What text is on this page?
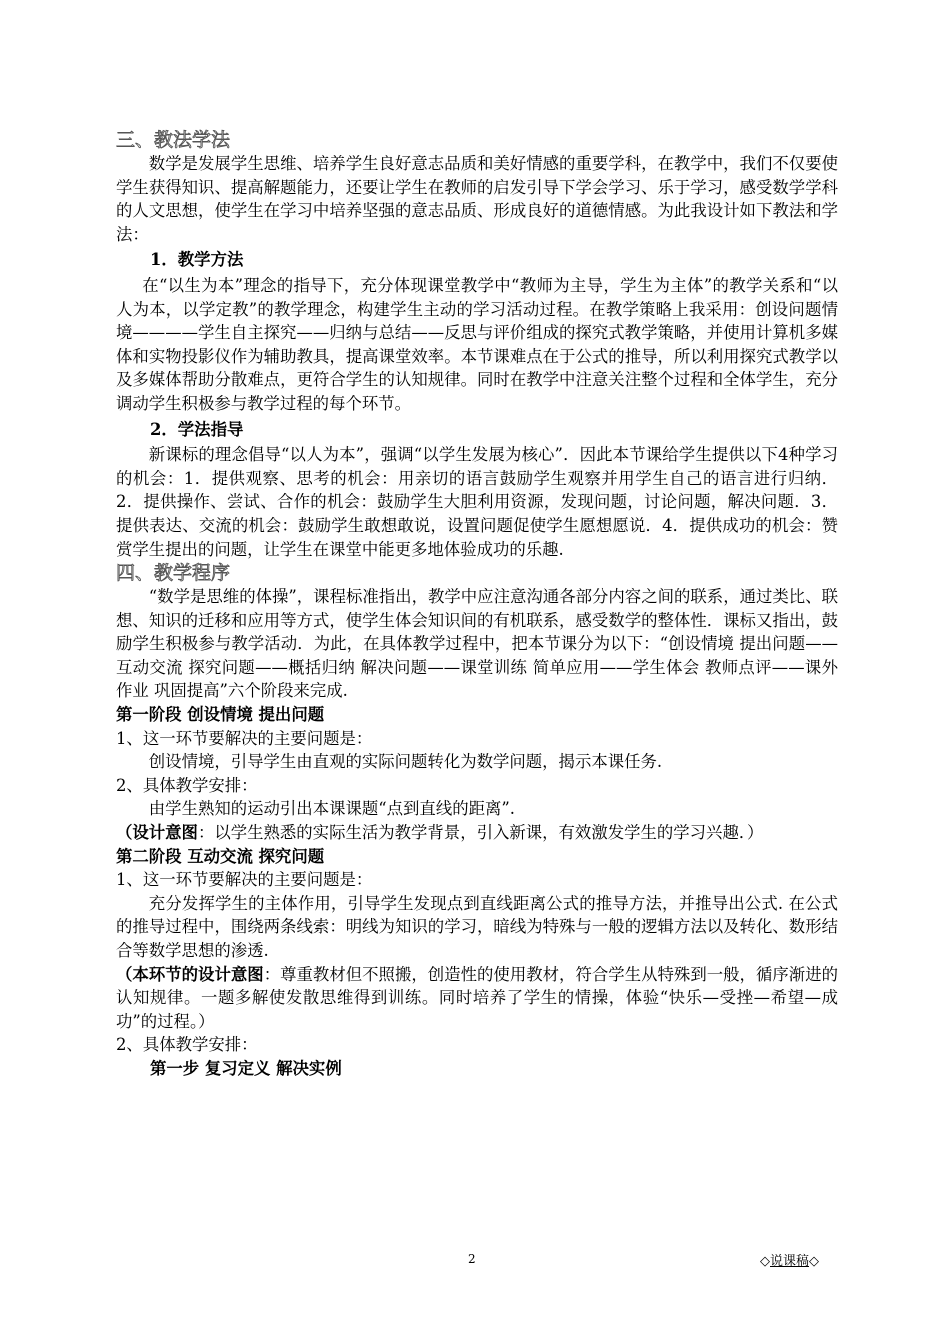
三、教法学法

数学是发展学生思维、培养学生良好意志品质和美好情感的重要学科，在教学中，我们不仅要使学生获得知识、提高解题能力，还要让学生在教师的启发引导下学会学习、乐于学习，感受数学学科的人文思想，使学生在学习中培养坚强的意志品质、形成良好的道德情感。为此我设计如下教法和学法：

1．教学方法

在“以生为本”理念的指导下，充分体现课堂教学中“教师为主导，学生为主体”的教学关系和“以人为本，以学定教”的教学理念，构建学生主动的学习活动过程。在教学策略上我采用：创设问题情境————学生自主探究——归纳与总结——反思与评价组成的探究式教学策略，并使用计算机多媒体和实物投影仪作为辅助教具，提高课堂效率。本节课难点在于公式的推导，所以利用探究式教学以及多媒体帮助分散难点，更符合学生的认知规律。同时在教学中注意关注整个过程和全体学生，充分调动学生积极参与教学过程的每个环节。

2．学法指导

新课标的理念倡导“以人为本”，强调“以学生发展为核心”．因此本节课给学生提供以下4种学习的机会：1．提供观察、思考的机会：用亲切的语言鼓励学生观察并用学生自己的语言进行归纳．2．提供操作、尝试、合作的机会：鼓励学生大胆利用资源，发现问题，讨论问题，解决问题．3．提供表达、交流的机会：鼓励学生敢想敢说，设置问题促使学生愿想愿说．4．提供成功的机会：赞赏学生提出的问题，让学生在课堂中能更多地体验成功的乐趣.

四、教学程序

“数学是思维的体操”，课程标准指出，教学中应注意沟通各部分内容之间的联系，通过类比、联想、知识的迁移和应用等方式，使学生体会知识间的有机联系，感受数学的整体性．课标又指出，鼓励学生积极参与教学活动．为此，在具体教学过程中，把本节课分为以下：“创设情境 提出问题——互动交流 探究问题——概括归纳 解决问题——课堂训练 简单应用——学生体会 教师点评——课外作业 巩固提高”六个阶段来完成.

第一阶段 创设情境 提出问题

1、这一环节要解决的主要问题是：

创设情境，引导学生由直观的实际问题转化为数学问题，揭示本课任务.

2、具体教学安排：

由学生熟知的运动引出本课课题“点到直线的距离”.

（设计意图：以学生熟悉的实际生活为教学背景，引入新课，有效激发学生的学习兴趣．）

第二阶段 互动交流 探究问题

1、这一环节要解决的主要问题是：

充分发挥学生的主体作用，引导学生发现点到直线距离公式的推导方法，并推导出公式. 在公式的推导过程中，围绕两条线索：明线为知识的学习，暗线为特殊与一般的逻辑方法以及转化、数形结合等数学思想的渗透.

（本环节的设计意图：尊重教材但不照搬，创造性的使用教材，符合学生从特殊到一般，循序渐进的认知规律。一题多解使发散思维得到训练。同时培养了学生的情操，体验“快乐—受挫—希望—成功”的过程。）

2、具体教学安排：

第一步 复习定义 解决实例

2	◇说课稿◇
